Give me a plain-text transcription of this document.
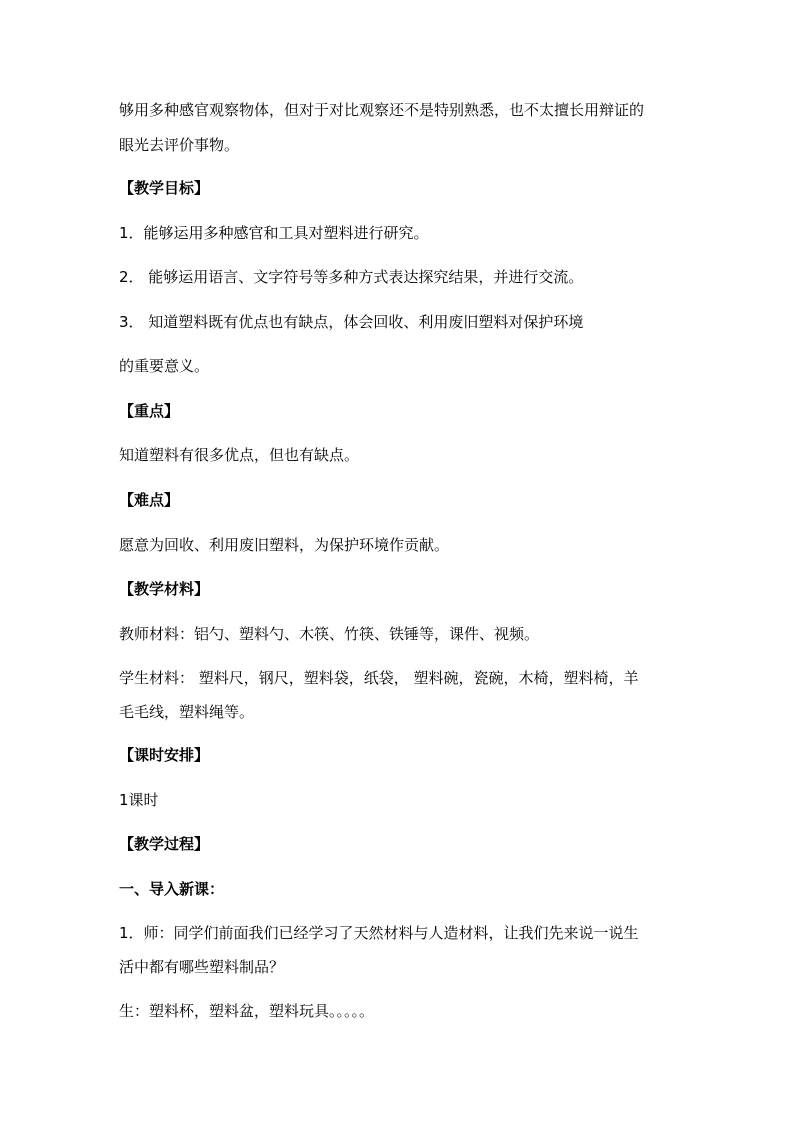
够用多种感官观察物体，但对于对比观察还不是特别熟悉，也不太擅长用辩证的
眼光去评价事物。
【教学目标】
1．能够运用多种感官和工具对塑料进行研究。
2． 能够运用语言、文字符号等多种方式表达探究结果，并进行交流。
3． 知道塑料既有优点也有缺点，体会回收、利用废旧塑料对保护环境
的重要意义。
【重点】
知道塑料有很多优点，但也有缺点。
【难点】
愿意为回收、利用废旧塑料，为保护环境作贡献。
【教学材料】
教师材料：铝勺、塑料勺、木筷、竹筷、铁锤等，课件、视频。
学生材料： 塑料尺，钢尺，塑料袋，纸袋， 塑料碗，瓷碗，木椅，塑料椅，羊
毛毛线，塑料绳等。
【课时安排】
1课时
【教学过程】
一、导入新课：
1．师：同学们前面我们已经学习了天然材料与人造材料，让我们先来说一说生
活中都有哪些塑料制品？
生：塑料杯，塑料盆，塑料玩具。。。。。
